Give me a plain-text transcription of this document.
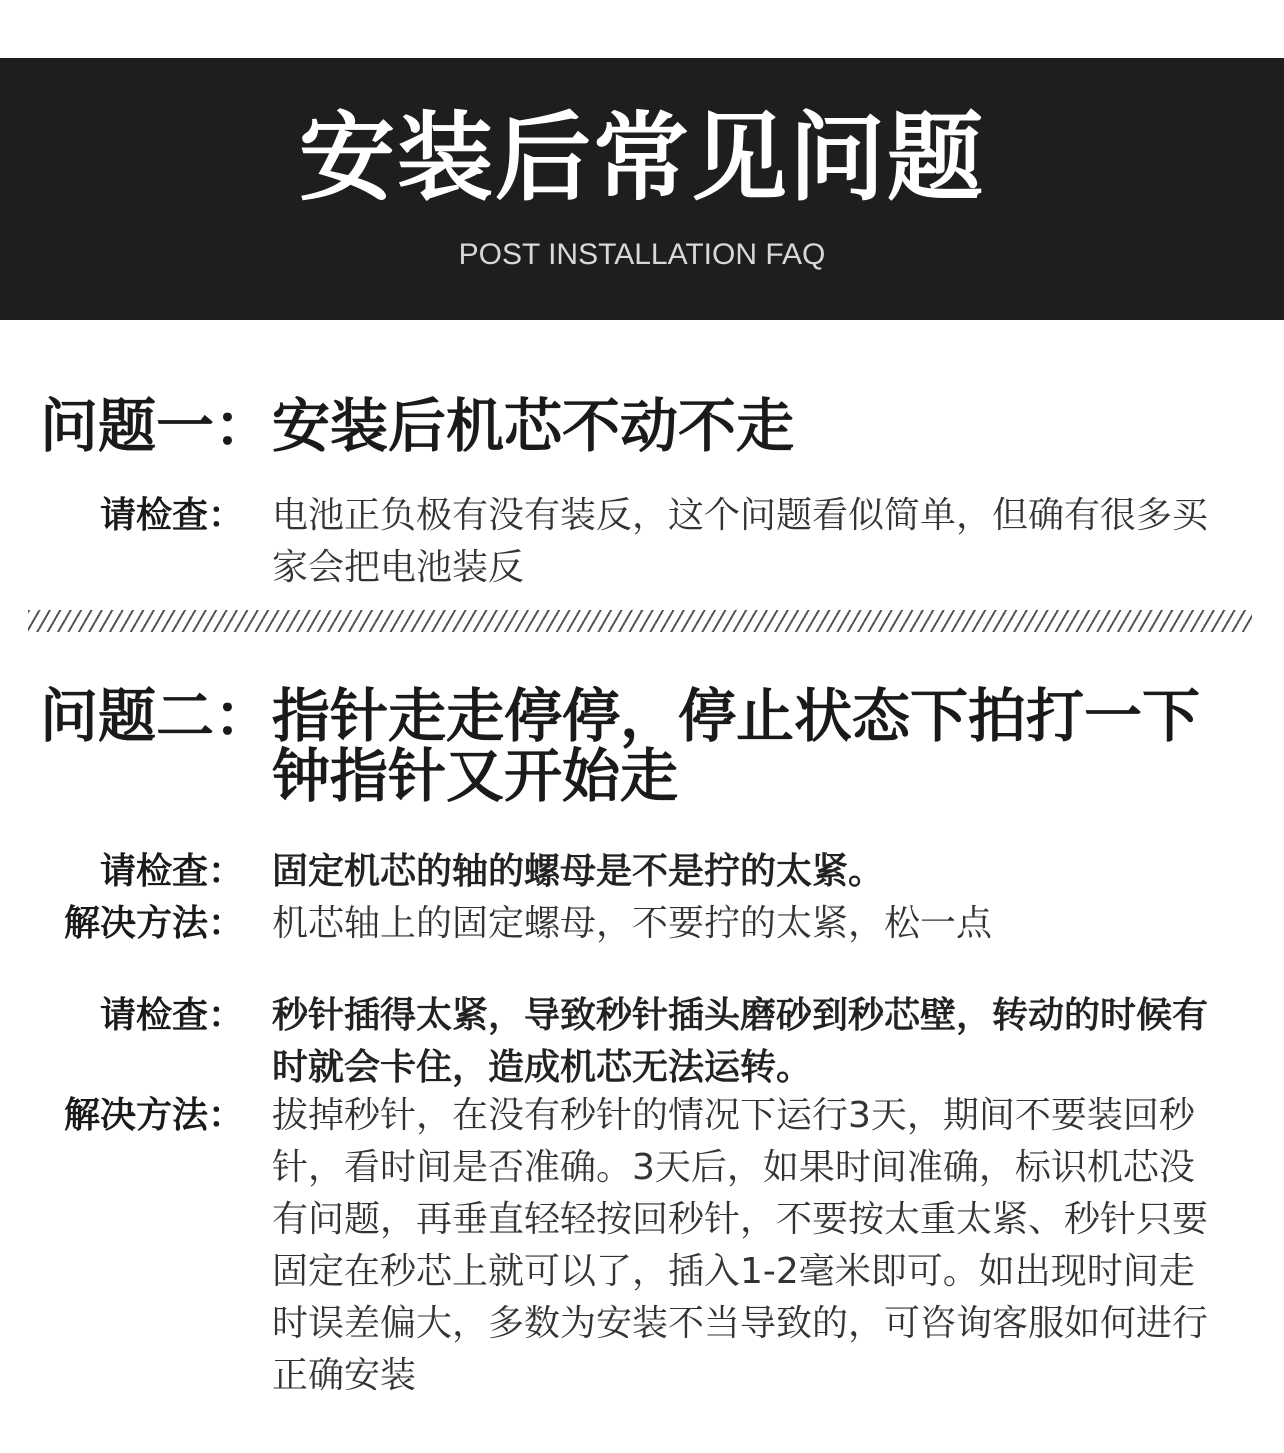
安装后常见问题
POST INSTALLATION FAQ
问题一： 安装后机芯不动不走
请检查： 电池正负极有没有装反，这个问题看似简单，但确有很多买家会把电池装反
问题二： 指针走走停停，停止状态下拍打一下钟指针又开始走
请检查： 固定机芯的轴的螺母是不是拧的太紧。
解决方法： 机芯轴上的固定螺母，不要拧的太紧，松一点
请检查： 秒针插得太紧，导致秒针插头磨砂到秒芯壁，转动的时候有时就会卡住，造成机芯无法运转。
解决方法： 拔掉秒针，在没有秒针的情况下运行3天，期间不要装回秒针，看时间是否准确。3天后，如果时间准确，标识机芯没有问题，再垂直轻轻按回秒针，不要按太重太紧、秒针只要固定在秒芯上就可以了，插入1-2毫米即可。如出现时间走时误差偏大，多数为安装不当导致的，可咨询客服如何进行正确安装
